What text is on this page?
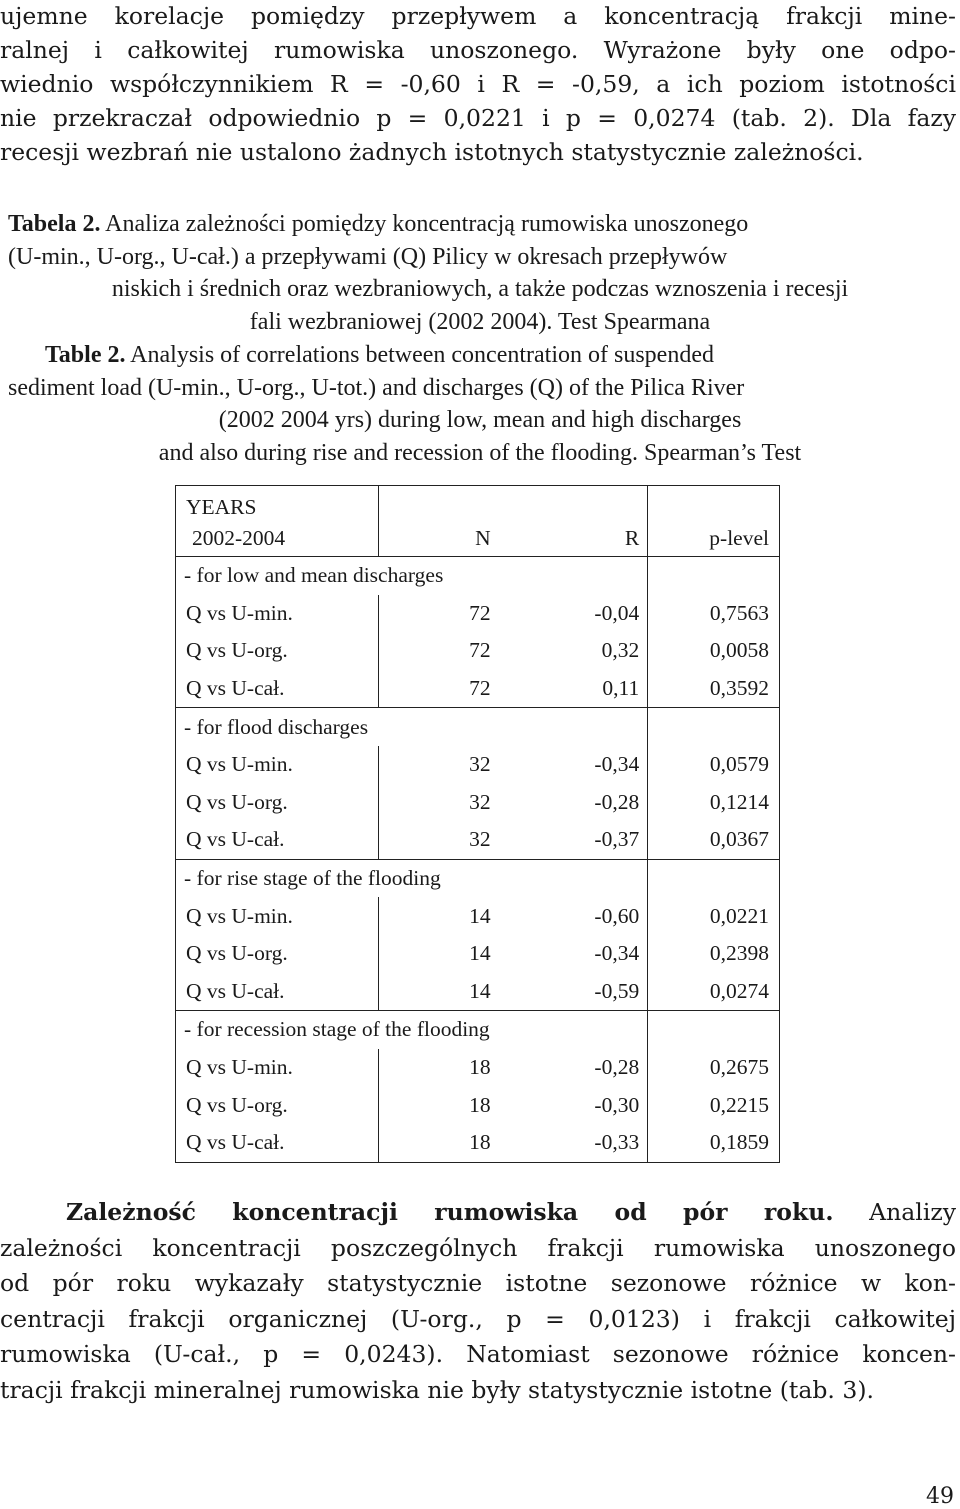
ujemne korelacje pomiędzy przepływem a koncentracją frakcji mine-
ralnej i całkowitej rumowiska unoszonego. Wyrażone były one odpo-
wiednio współczynnikiem R = -0,60 i R = -0,59, a ich poziom istotności
nie przekraczał odpowiednio p = 0,0221 i p = 0,0274 (tab. 2). Dla fazy
recesji wezbrań nie ustalono żadnych istotnych statystycznie zależności.
Tabela 2. Analiza zależności pomiędzy koncentracją rumowiska unoszonego
(U-min., U-org., U-cał.) a przepływami (Q) Pilicy w okresach przepływów
niskich i średnich oraz wezbraniowych, a także podczas wznoszenia i recesji
fali wezbraniowej (2002 2004). Test Spearmana
Table 2. Analysis of correlations between concentration of suspended
sediment load (U-min., U-org., U-tot.) and discharges (Q) of the Pilica River
(2002 2004 yrs) during low, mean and high discharges
and also during rise and recession of the flooding. Spearman’s Test
YEARS			
2002-2004	N	R	p-level
- for low and mean discharges			
Q vs U-min.	72	-0,04	0,7563
Q vs U-org.	72	0,32	0,0058
Q vs U-cał.	72	0,11	0,3592
- for flood discharges			
Q vs U-min.	32	-0,34	0,0579
Q vs U-org.	32	-0,28	0,1214
Q vs U-cał.	32	-0,37	0,0367
- for rise stage of the flooding			
Q vs U-min.	14	-0,60	0,0221
Q vs U-org.	14	-0,34	0,2398
Q vs U-cał.	14	-0,59	0,0274
- for recession stage of the flooding			
Q vs U-min.	18	-0,28	0,2675
Q vs U-org.	18	-0,30	0,2215
Q vs U-cał.	18	-0,33	0,1859
Zależność koncentracji rumowiska od pór roku. Analizy
zależności koncentracji poszczególnych frakcji rumowiska unoszonego
od pór roku wykazały statystycznie istotne sezonowe różnice w kon-
centracji frakcji organicznej (U-org., p = 0,0123) i frakcji całkowitej
rumowiska (U-cał., p = 0,0243). Natomiast sezonowe różnice koncen-
tracji frakcji mineralnej rumowiska nie były statystycznie istotne (tab. 3).
49
